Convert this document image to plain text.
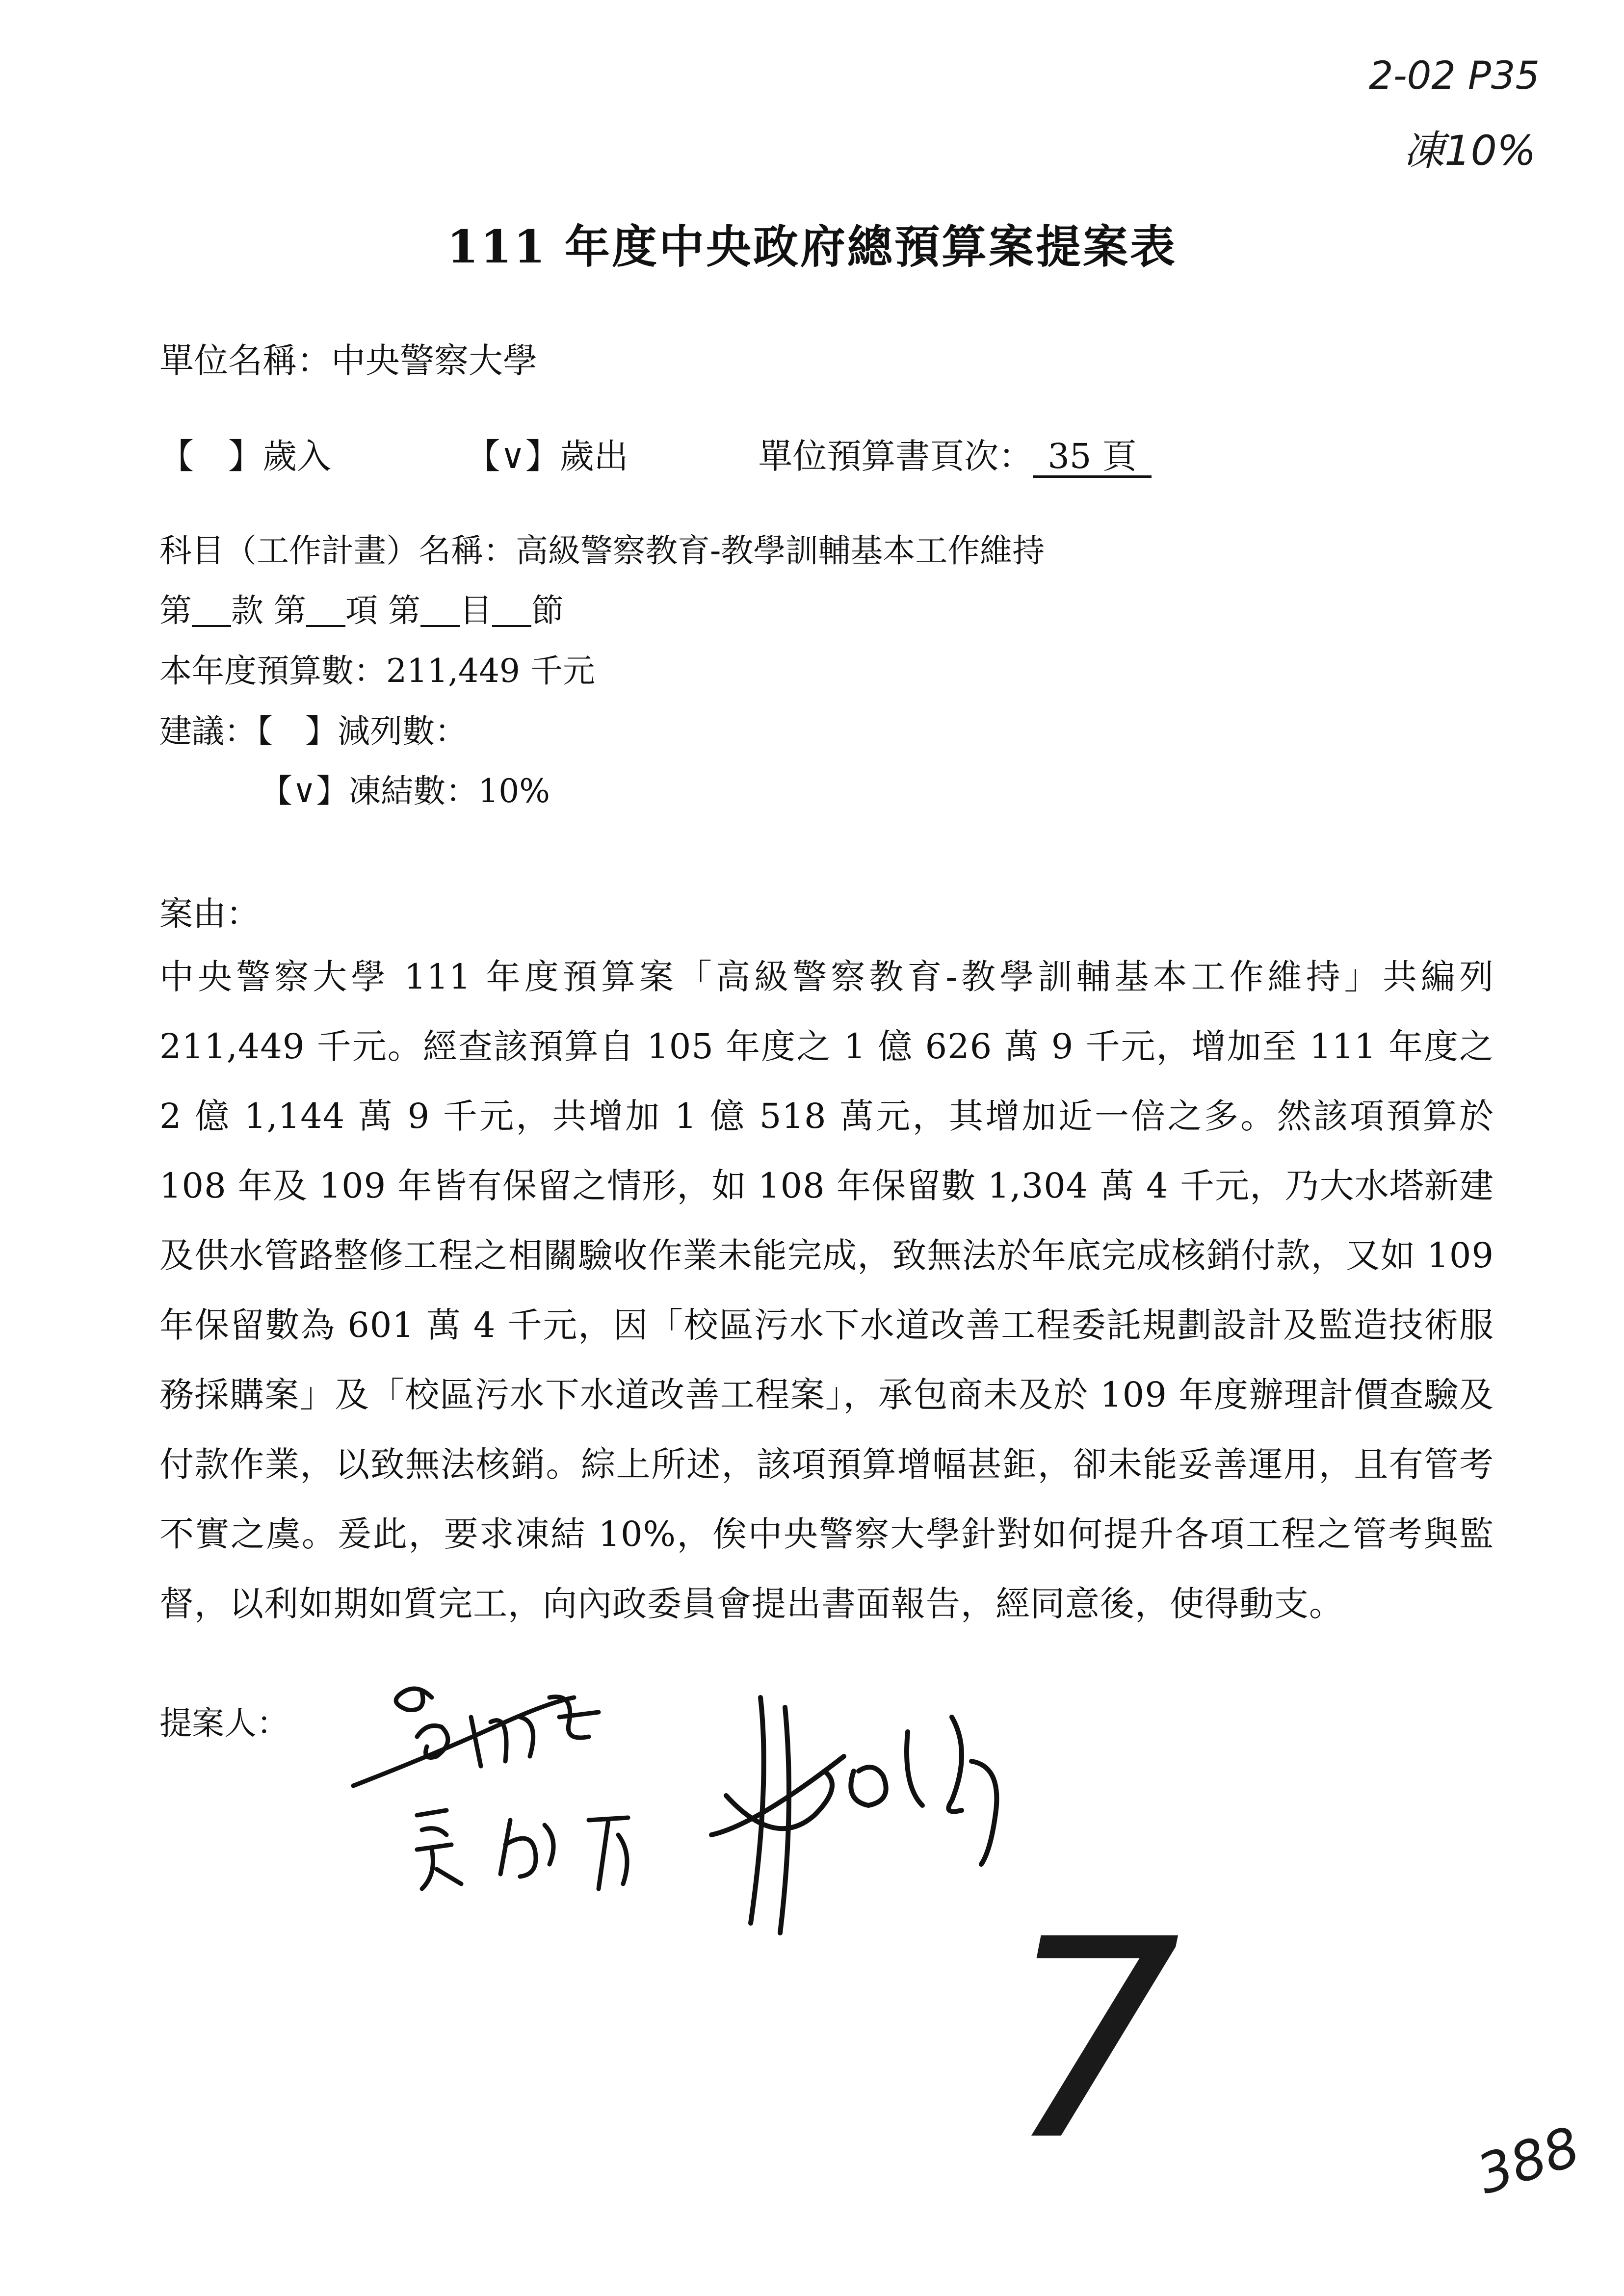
2-02 P35
凍10%
111 年度中央政府總預算案提案表
單位名稱：中央警察大學
【　】歲入	【∨】歲出	單位預算書頁次： 35 頁
科目（工作計畫）名稱：高級警察教育-教學訓輔基本工作維持
第 款 第 項 第 目 節
本年度預算數：211,449 千元
建議：【　】減列數：
【∨】凍結數：10%
案由：
中央警察大學 111 年度預算案「高級警察教育-教學訓輔基本工作維持」共編列 211,449 千元。經查該預算自 105 年度之 1 億 626 萬 9 千元，增加至 111 年度之 2 億 1,144 萬 9 千元，共增加 1 億 518 萬元，其增加近一倍之多。然該項預算於 108 年及 109 年皆有保留之情形，如 108 年保留數 1,304 萬 4 千元，乃大水塔新建及供水管路整修工程之相關驗收作業未能完成，致無法於年底完成核銷付款，又如 109 年保留數為 601 萬 4 千元，因「校區污水下水道改善工程委託規劃設計及監造技術服務採購案」及「校區污水下水道改善工程案」，承包商未及於 109 年度辦理計價查驗及付款作業，以致無法核銷。綜上所述，該項預算增幅甚鉅，卻未能妥善運用，且有管考不實之虞。爰此，要求凍結 10%，俟中央警察大學針對如何提升各項工程之管考與監督，以利如期如質完工，向內政委員會提出書面報告，經同意後，使得動支。
提案人：
7	388
